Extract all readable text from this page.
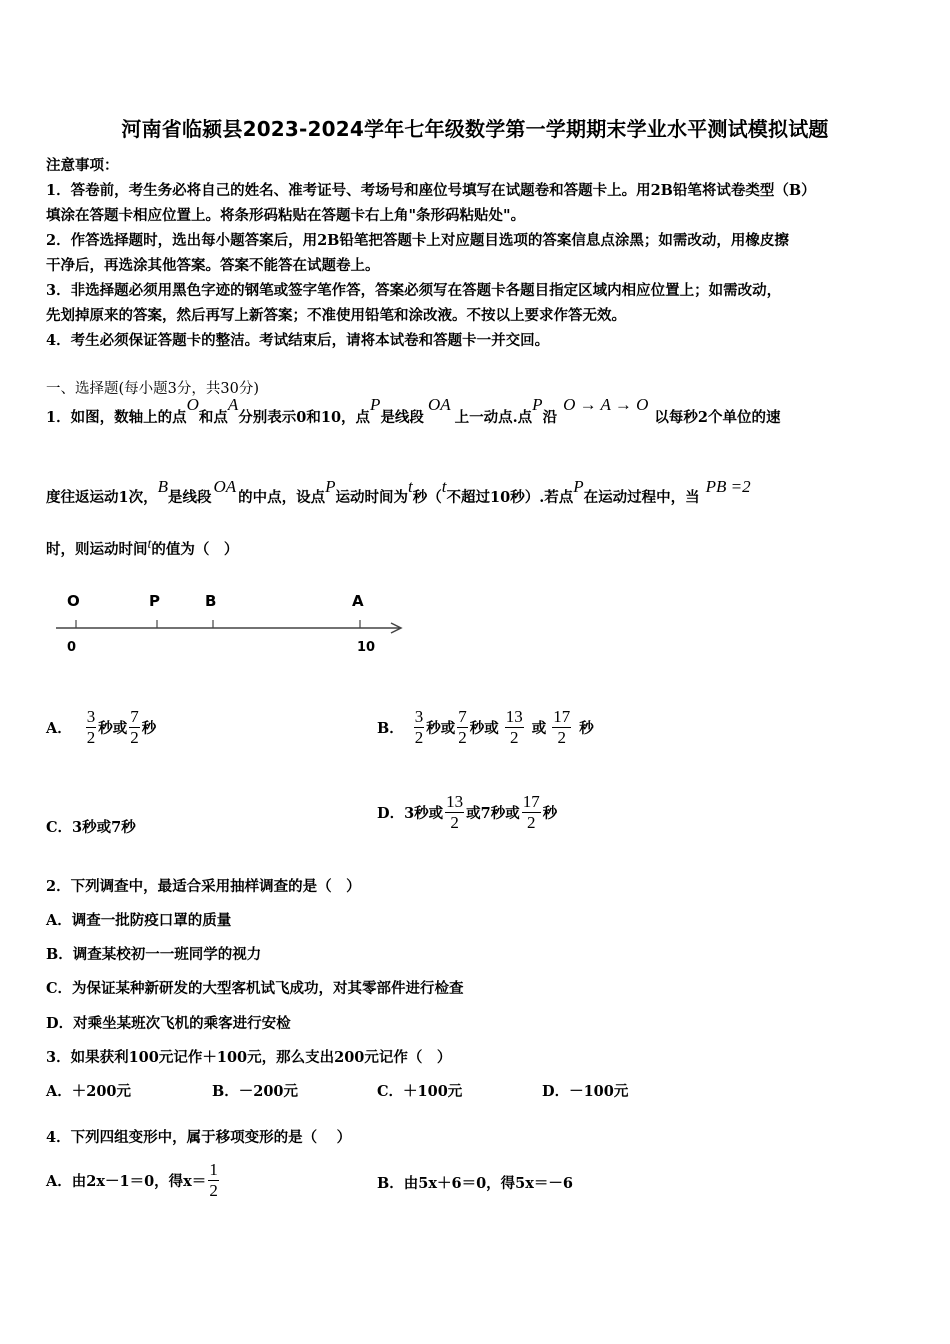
河南省临颍县2023-2024学年七年级数学第一学期期末学业水平测试模拟试题
注意事项：
1．答卷前，考生务必将自己的姓名、准考证号、考场号和座位号填写在试题卷和答题卡上。用2B铅笔将试卷类型（B）
填涂在答题卡相应位置上。将条形码粘贴在答题卡右上角"条形码粘贴处"。
2．作答选择题时，选出每小题答案后，用2B铅笔把答题卡上对应题目选项的答案信息点涂黑；如需改动，用橡皮擦
干净后，再选涂其他答案。答案不能答在试题卷上。
3．非选择题必须用黑色字迹的钢笔或签字笔作答，答案必须写在答题卡各题目指定区域内相应位置上；如需改动，
先划掉原来的答案，然后再写上新答案；不准使用铅笔和涂改液。不按以上要求作答无效。
4．考生必须保证答题卡的整洁。考试结束后，请将本试卷和答题卡一并交回。
一、选择题(每小题3分，共30分)
1．如图，数轴上的点O和点A分别表示0和10，点P是线段OA上一动点.点P沿O → A → O以每秒2个单位的速
度往返运动1次，B是线段OA的中点，设点P运动时间为t秒（t不超过10秒）.若点P在运动过程中，当PB =2
时，则运动时间t的值为（　）
O	P	B	A
0	10
A． $\frac{3}{2}$ 秒或 $\frac{7}{2}$ 秒	B． $\frac{3}{2}$ 秒或 $\frac{7}{2}$ 秒或 $\frac{13}{2}$ 或 $\frac{17}{2}$ 秒
C．3秒或7秒
D．3秒或 $\frac{13}{2}$ 或7秒或 $\frac{17}{2}$ 秒
2．下列调查中，最适合采用抽样调查的是（　）
A．调查一批防疫口罩的质量
B．调查某校初一一班同学的视力
C．为保证某种新研发的大型客机试飞成功，对其零部件进行检查
D．对乘坐某班次飞机的乘客进行安检
3．如果获利100元记作＋100元，那么支出200元记作（　）
A．＋200元	B．－200元	C．＋100元	D．－100元
4．下列四组变形中，属于移项变形的是（　 ）
A．由2x－1＝0，得$x= \frac{1}{2}$	B．由5x＋6＝0，得5x＝－6
